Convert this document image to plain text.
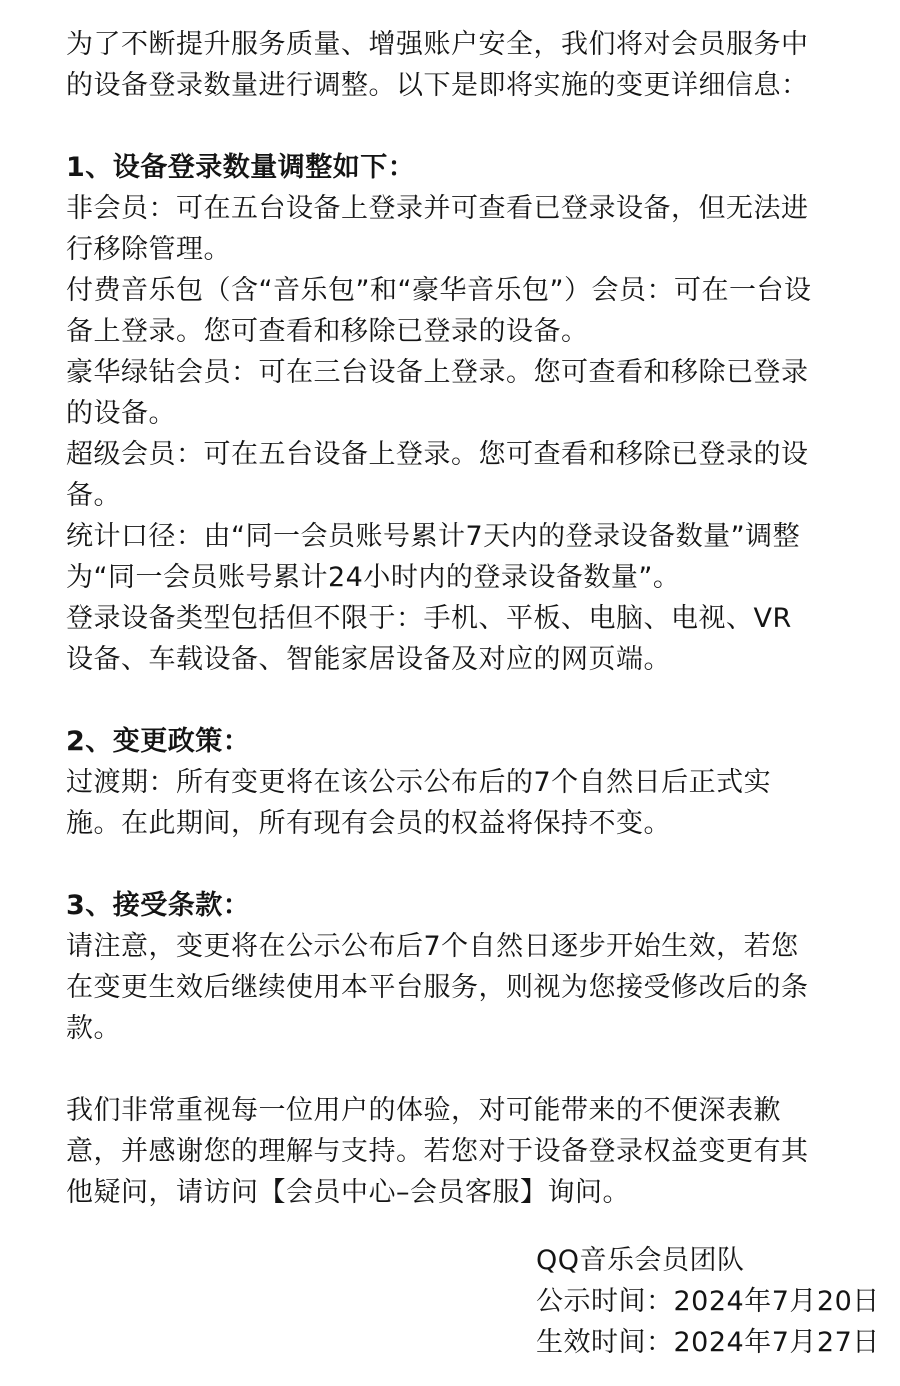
为了不断提升服务质量、增强账户安全，我们将对会员服务中
的设备登录数量进行调整。以下是即将实施的变更详细信息：

1、设备登录数量调整如下：

非会员：可在五台设备上登录并可查看已登录设备，但无法进
行移除管理。

付费音乐包（含“音乐包”和“豪华音乐包”）会员：可在一台设
备上登录。您可查看和移除已登录的设备。

豪华绿钻会员：可在三台设备上登录。您可查看和移除已登录
的设备。

超级会员：可在五台设备上登录。您可查看和移除已登录的设
备。

统计口径：由“同一会员账号累计7天内的登录设备数量”调整
为“同一会员账号累计24小时内的登录设备数量”。

登录设备类型包括但不限于：手机、平板、电脑、电视、VR
设备、车载设备、智能家居设备及对应的网页端。

2、变更政策：

过渡期：所有变更将在该公示公布后的7个自然日后正式实
施。在此期间，所有现有会员的权益将保持不变。

3、接受条款：

请注意，变更将在公示公布后7个自然日逐步开始生效，若您
在变更生效后继续使用本平台服务，则视为您接受修改后的条
款。

我们非常重视每一位用户的体验，对可能带来的不便深表歉
意，并感谢您的理解与支持。若您对于设备登录权益变更有其
他疑问，请访问【会员中心–会员客服】询问。

QQ音乐会员团队
公示时间：2024年7月20日
生效时间：2024年7月27日
